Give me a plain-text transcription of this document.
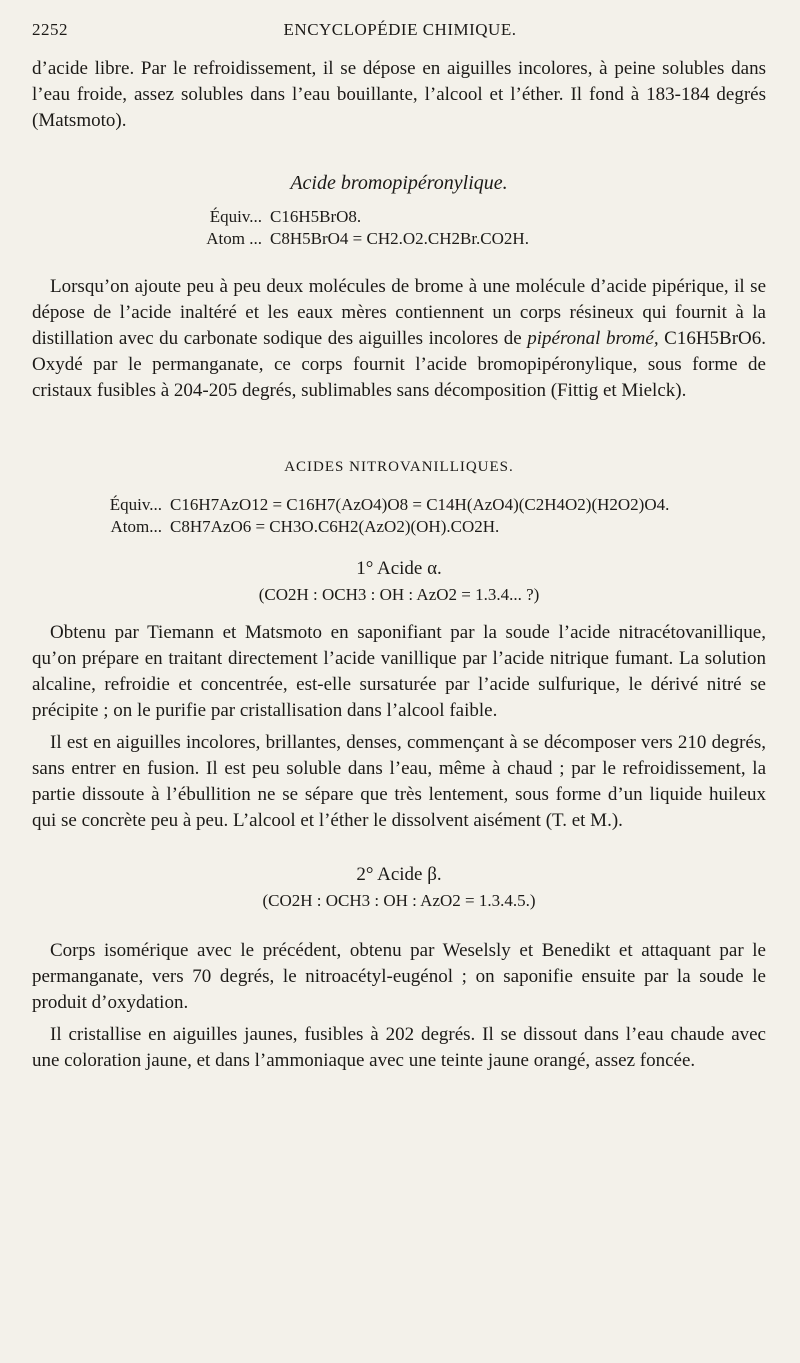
2252	ENCYCLOPÉDIE CHIMIQUE.

d’acide libre. Par le refroidissement, il se dépose en aiguilles incolores, à peine solubles dans l’eau froide, assez solubles dans l’eau bouillante, l’alcool et l’éther. Il fond à 183-184 degrés (Matsmoto).

Acide bromopipéronylique.
Équiv... C16H5BrO8.
Atom ... C8H5BrO4 = CH2.O2.CH2Br.CO2H.

Lorsqu’on ajoute peu à peu deux molécules de brome à une molécule d’acide pipérique, il se dépose de l’acide inaltéré et les eaux mères contiennent un corps résineux qui fournit à la distillation avec du carbonate sodique des aiguilles incolores de pipéronal bromé, C16H5BrO6. Oxydé par le permanganate, ce corps fournit l’acide bromopipéronylique, sous forme de cristaux fusibles à 204-205 degrés, sublimables sans décomposition (Fittig et Mielck).

ACIDES NITROVANILLIQUES.
Équiv... C16H7AzO12 = C16H7(AzO4)O8 = C14H(AzO4)(C2H4O2)(H2O2)O4.
Atom... C8H7AzO6 = CH3O.C6H2(AzO2)(OH).CO2H.
1° Acide α.
(CO2H : OCH3 : OH : AzO2 = 1.3.4... ?)

Obtenu par Tiemann et Matsmoto en saponifiant par la soude l’acide nitracétovanillique, qu’on prépare en traitant directement l’acide vanillique par l’acide nitrique fumant. La solution alcaline, refroidie et concentrée, est-elle sursaturée par l’acide sulfurique, le dérivé nitré se précipite ; on le purifie par cristallisation dans l’alcool faible.

Il est en aiguilles incolores, brillantes, denses, commençant à se décomposer vers 210 degrés, sans entrer en fusion. Il est peu soluble dans l’eau, même à chaud ; par le refroidissement, la partie dissoute à l’ébullition ne se sépare que très lentement, sous forme d’un liquide huileux qui se concrète peu à peu. L’alcool et l’éther le dissolvent aisément (T. et M.).

2° Acide β.
(CO2H : OCH3 : OH : AzO2 = 1.3.4.5.)

Corps isomérique avec le précédent, obtenu par Weselsly et Benedikt et attaquant par le permanganate, vers 70 degrés, le nitroacétyl-eugénol ; on saponifie ensuite par la soude le produit d’oxydation.

Il cristallise en aiguilles jaunes, fusibles à 202 degrés. Il se dissout dans l’eau chaude avec une coloration jaune, et dans l’ammoniaque avec une teinte jaune orangé, assez foncée.
